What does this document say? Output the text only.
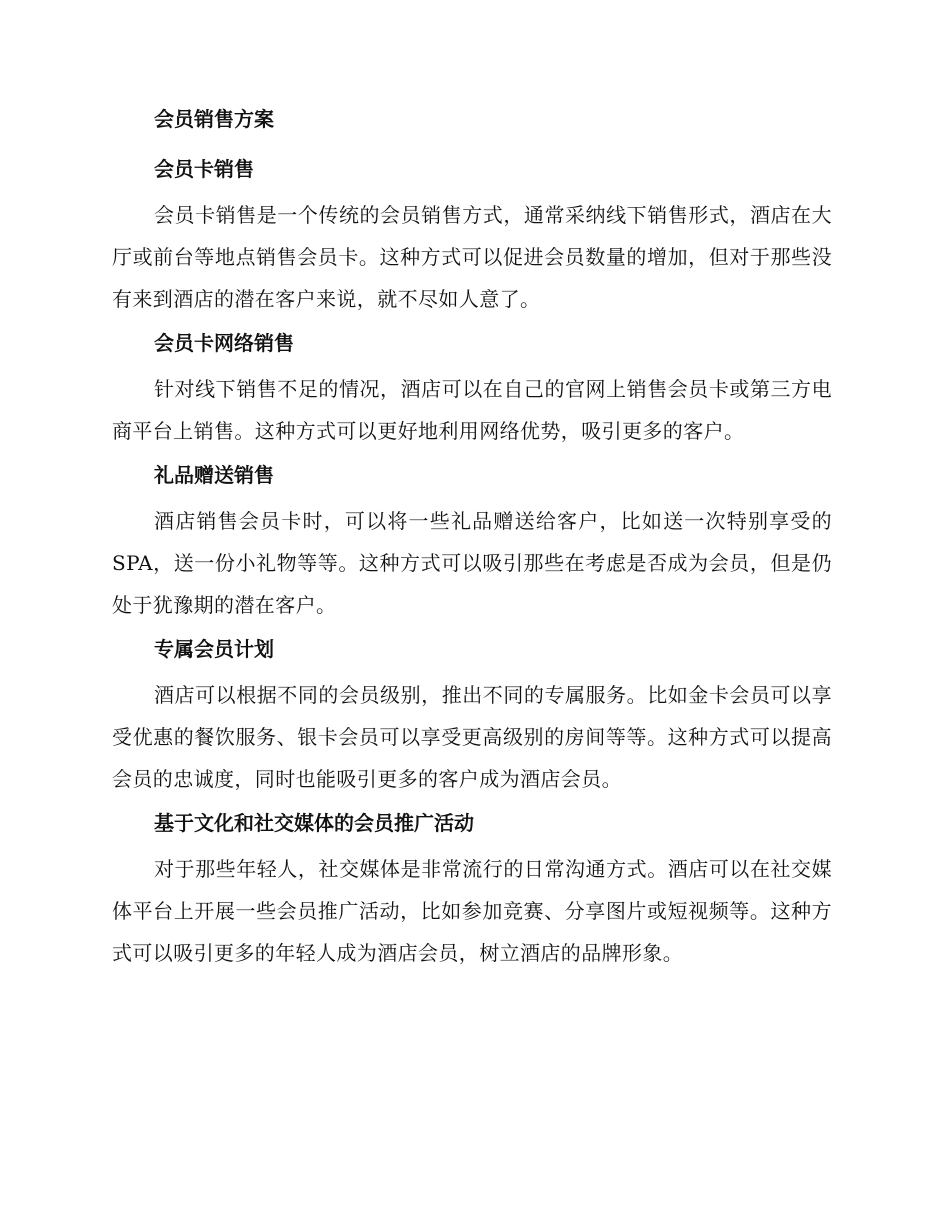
会员销售方案
会员卡销售

会员卡销售是一个传统的会员销售方式，通常采纳线下销售形式，酒店在大厅或前台等地点销售会员卡。这种方式可以促进会员数量的增加，但对于那些没有来到酒店的潜在客户来说，就不尽如人意了。

会员卡网络销售

针对线下销售不足的情况，酒店可以在自己的官网上销售会员卡或第三方电商平台上销售。这种方式可以更好地利用网络优势，吸引更多的客户。

礼品赠送销售

酒店销售会员卡时，可以将一些礼品赠送给客户，比如送一次特别享受的SPA，送一份小礼物等等。这种方式可以吸引那些在考虑是否成为会员，但是仍处于犹豫期的潜在客户。

专属会员计划

酒店可以根据不同的会员级别，推出不同的专属服务。比如金卡会员可以享受优惠的餐饮服务、银卡会员可以享受更高级别的房间等等。这种方式可以提高会员的忠诚度，同时也能吸引更多的客户成为酒店会员。

基于文化和社交媒体的会员推广活动

对于那些年轻人，社交媒体是非常流行的日常沟通方式。酒店可以在社交媒体平台上开展一些会员推广活动，比如参加竞赛、分享图片或短视频等。这种方式可以吸引更多的年轻人成为酒店会员，树立酒店的品牌形象。
